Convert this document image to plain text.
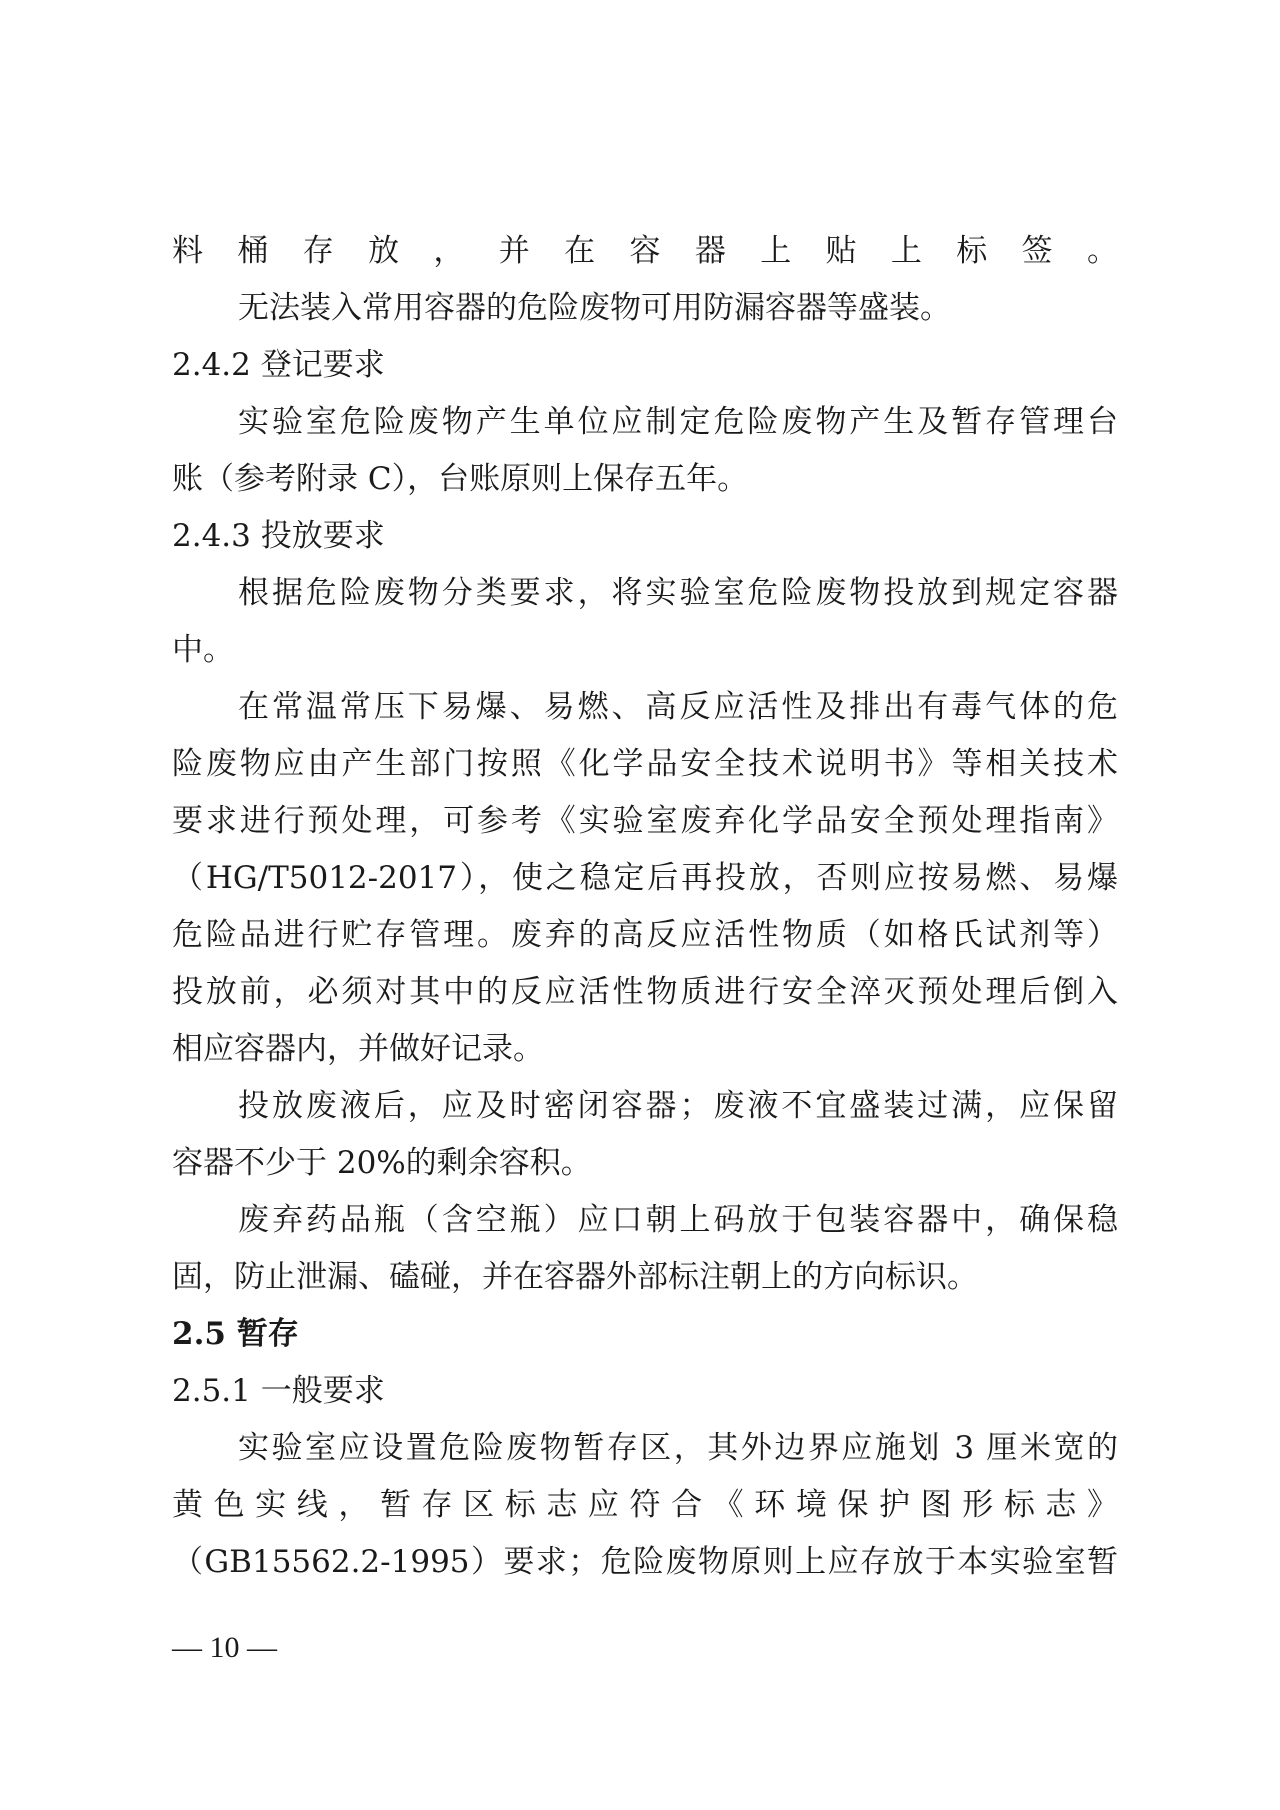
料桶存放，并在容器上贴上标签。
无法装入常用容器的危险废物可用防漏容器等盛装。
2.4.2 登记要求
实验室危险废物产生单位应制定危险废物产生及暂存管理台
账（参考附录 C），台账原则上保存五年。
2.4.3 投放要求
根据危险废物分类要求，将实验室危险废物投放到规定容器
中。
在常温常压下易爆、易燃、高反应活性及排出有毒气体的危
险废物应由产生部门按照《化学品安全技术说明书》等相关技术
要求进行预处理，可参考《实验室废弃化学品安全预处理指南》
（HG/T5012-2017），使之稳定后再投放，否则应按易燃、易爆
危险品进行贮存管理。废弃的高反应活性物质（如格氏试剂等）
投放前，必须对其中的反应活性物质进行安全淬灭预处理后倒入
相应容器内，并做好记录。
投放废液后，应及时密闭容器；废液不宜盛装过满，应保留
容器不少于 20%的剩余容积。
废弃药品瓶（含空瓶）应口朝上码放于包装容器中，确保稳
固，防止泄漏、磕碰，并在容器外部标注朝上的方向标识。
2.5 暂存
2.5.1 一般要求
实验室应设置危险废物暂存区，其外边界应施划 3 厘米宽的
黄色实线，暂存区标志应符合《环境保护图形标志》
（GB15562.2-1995）要求；危险废物原则上应存放于本实验室暂
— 10 —
